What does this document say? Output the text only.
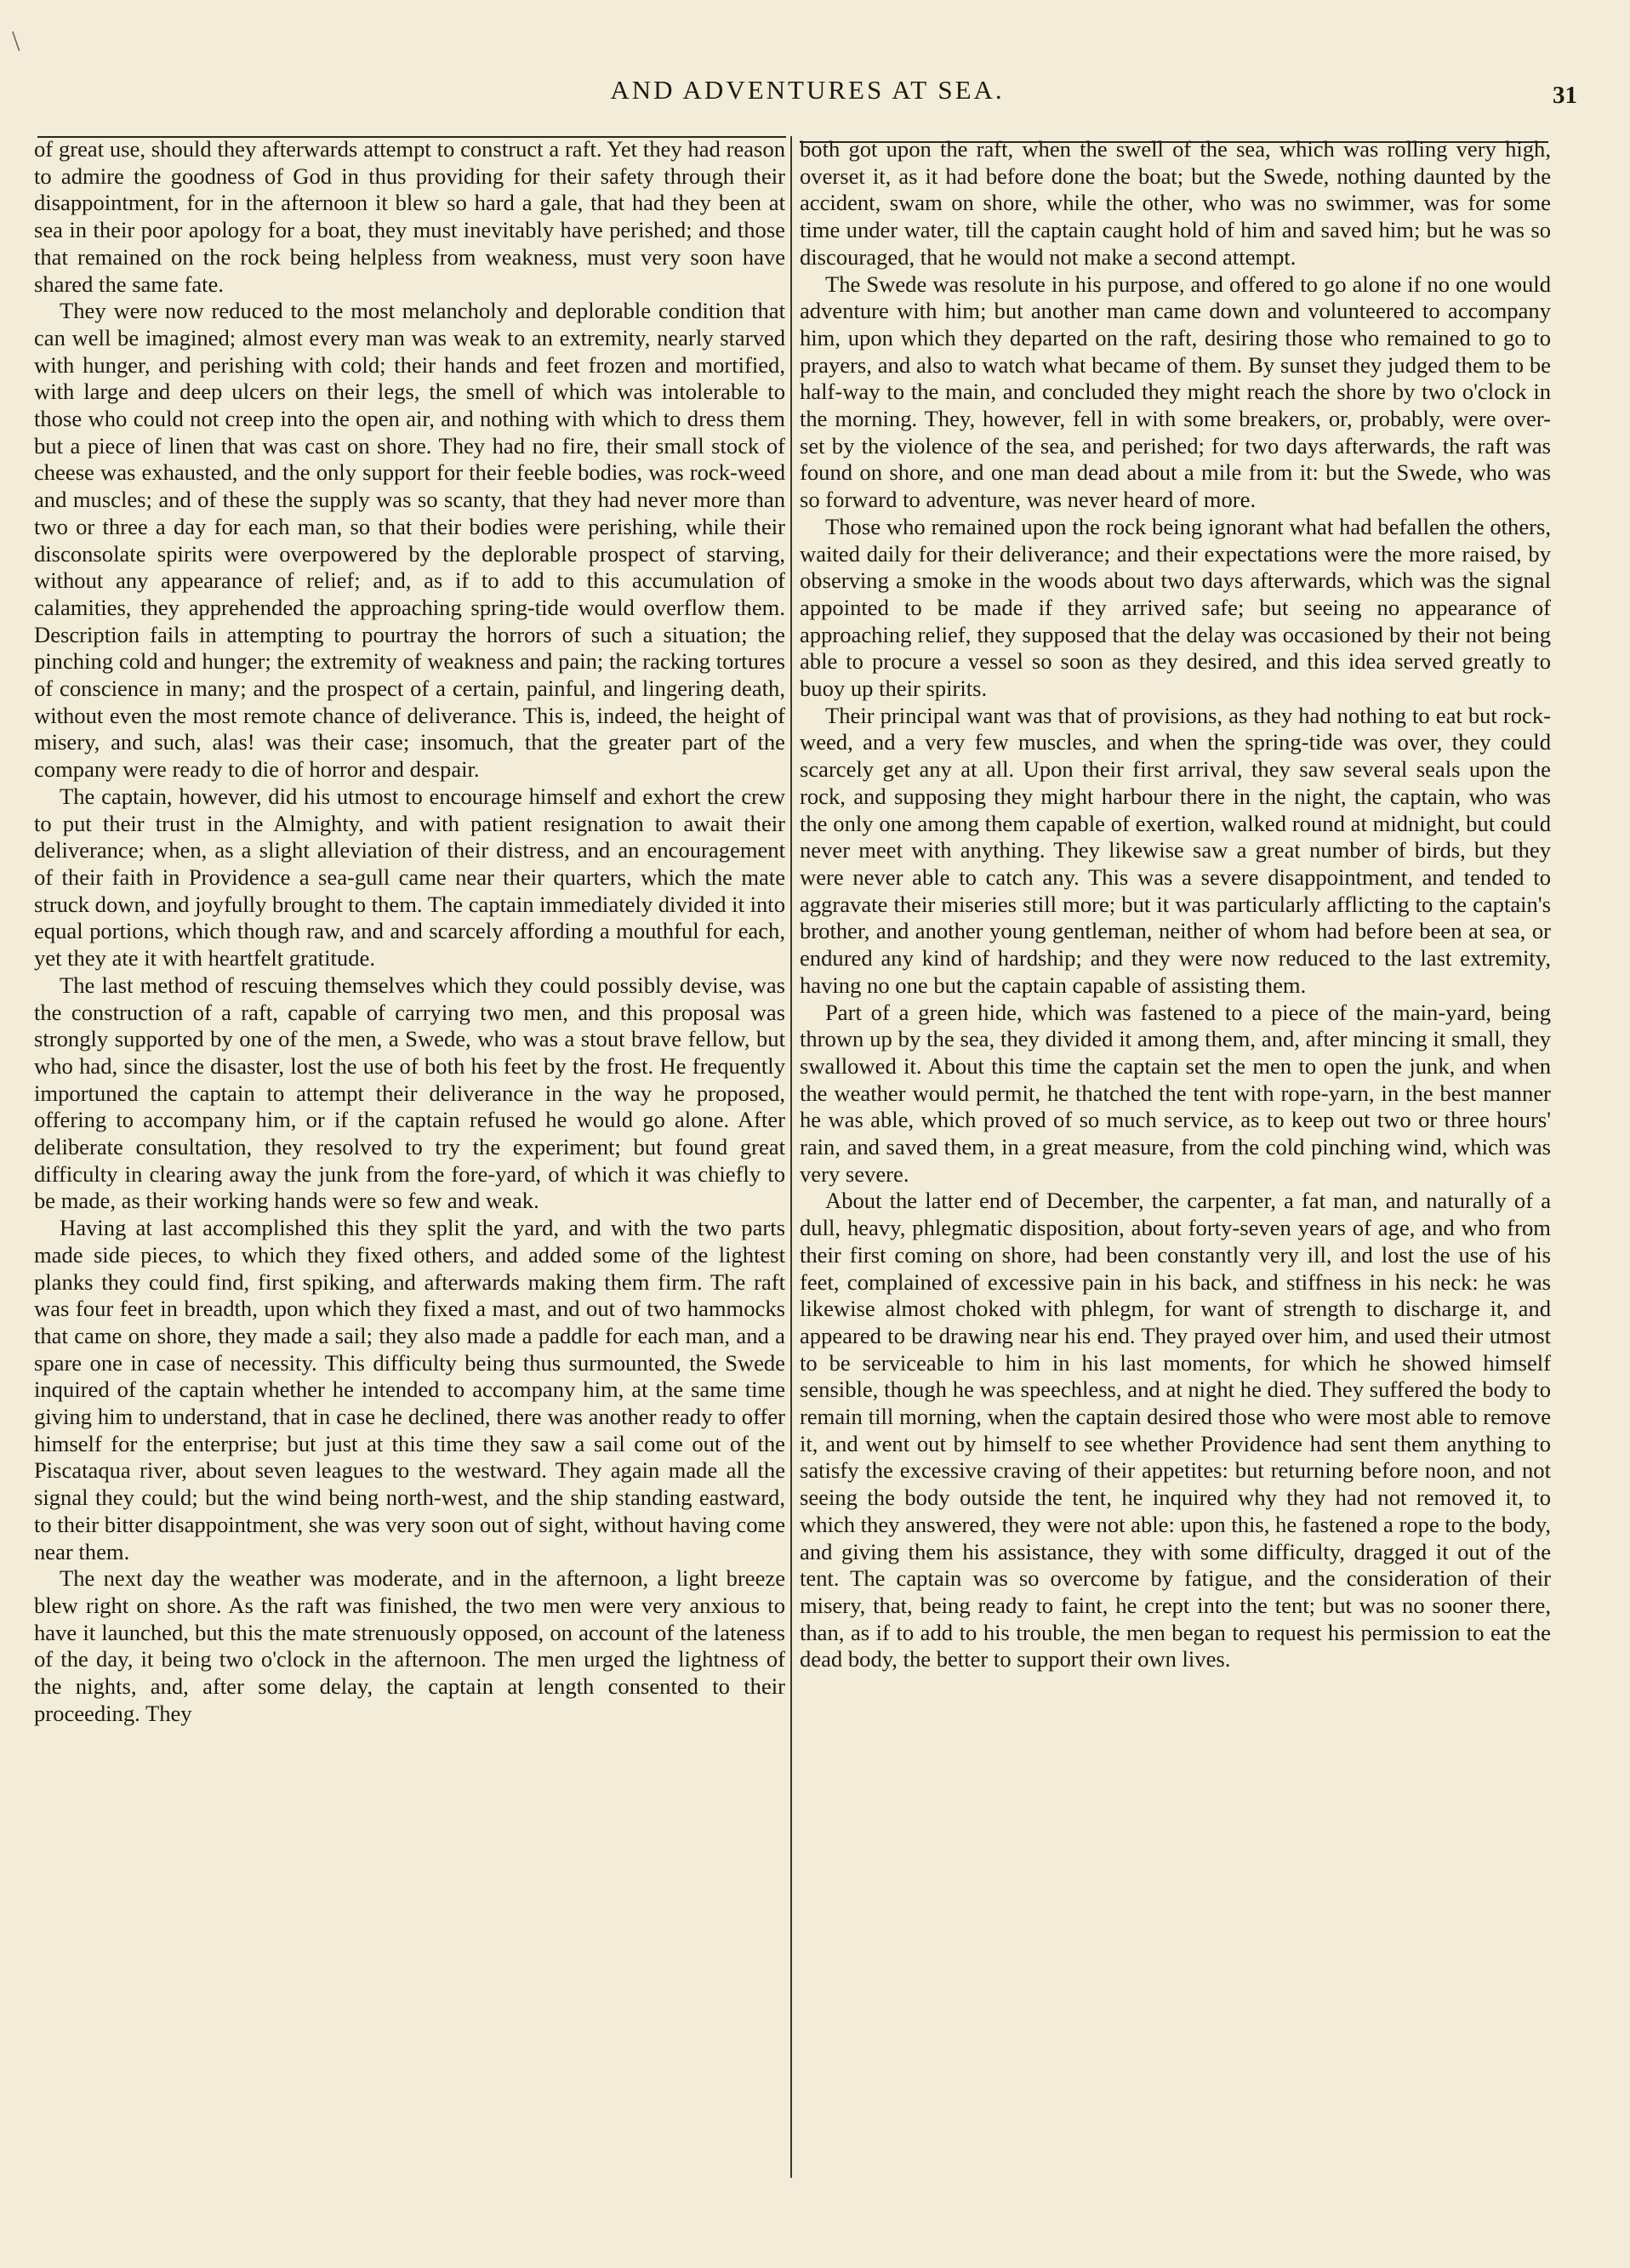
\
AND ADVENTURES AT SEA.	31

of great use, should they afterwards attempt to construct a raft. Yet they had reason to admire the goodness of God in thus providing for their safety through their disappointment, for in the afternoon it blew so hard a gale, that had they been at sea in their poor apology for a boat, they must inevitably have perished; and those that remained on the rock being helpless from weakness, must very soon have shared the same fate.

They were now reduced to the most melancholy and deplorable condition that can well be imagined; almost every man was weak to an extremity, nearly starved with hunger, and perishing with cold; their hands and feet frozen and mortified, with large and deep ulcers on their legs, the smell of which was intolerable to those who could not creep into the open air, and nothing with which to dress them but a piece of linen that was cast on shore. They had no fire, their small stock of cheese was exhausted, and the only support for their feeble bodies, was rock-weed and muscles; and of these the supply was so scanty, that they had never more than two or three a day for each man, so that their bodies were perishing, while their disconsolate spirits were overpowered by the deplorable prospect of starving, without any appearance of relief; and, as if to add to this accumulation of calamities, they apprehended the approaching spring-tide would overflow them. Description fails in attempting to pourtray the horrors of such a situation; the pinching cold and hunger; the extremity of weakness and pain; the racking tortures of conscience in many; and the prospect of a certain, painful, and lingering death, without even the most remote chance of deliverance. This is, indeed, the height of misery, and such, alas! was their case; insomuch, that the greater part of the company were ready to die of horror and despair.

The captain, however, did his utmost to encourage himself and exhort the crew to put their trust in the Almighty, and with patient resignation to await their deliverance; when, as a slight alleviation of their distress, and an encouragement of their faith in Providence a sea-gull came near their quarters, which the mate struck down, and joyfully brought to them. The captain immediately divided it into equal portions, which though raw, and and scarcely affording a mouthful for each, yet they ate it with heartfelt gratitude.

The last method of rescuing themselves which they could possibly devise, was the construction of a raft, capable of carrying two men, and this proposal was strongly supported by one of the men, a Swede, who was a stout brave fellow, but who had, since the disaster, lost the use of both his feet by the frost. He frequently importuned the captain to attempt their deliverance in the way he proposed, offering to accompany him, or if the captain refused he would go alone. After deliberate consultation, they resolved to try the experiment; but found great difficulty in clearing away the junk from the fore-yard, of which it was chiefly to be made, as their working hands were so few and weak.

Having at last accomplished this they split the yard, and with the two parts made side pieces, to which they fixed others, and added some of the lightest planks they could find, first spiking, and afterwards making them firm. The raft was four feet in breadth, upon which they fixed a mast, and out of two hammocks that came on shore, they made a sail; they also made a paddle for each man, and a spare one in case of necessity. This difficulty being thus surmounted, the Swede inquired of the captain whether he intended to accompany him, at the same time giving him to understand, that in case he declined, there was another ready to offer himself for the enterprise; but just at this time they saw a sail come out of the Piscataqua river, about seven leagues to the westward. They again made all the signal they could; but the wind being north-west, and the ship standing eastward, to their bitter disappointment, she was very soon out of sight, without having come near them.

The next day the weather was moderate, and in the afternoon, a light breeze blew right on shore. As the raft was finished, the two men were very anxious to have it launched, but this the mate strenuously opposed, on account of the lateness of the day, it being two o'clock in the afternoon. The men urged the lightness of the nights, and, after some delay, the captain at length consented to their proceeding. They

both got upon the raft, when the swell of the sea, which was rolling very high, overset it, as it had before done the boat; but the Swede, nothing daunted by the accident, swam on shore, while the other, who was no swimmer, was for some time under water, till the captain caught hold of him and saved him; but he was so discouraged, that he would not make a second attempt.

The Swede was resolute in his purpose, and offered to go alone if no one would adventure with him; but another man came down and volunteered to accompany him, upon which they departed on the raft, desiring those who remained to go to prayers, and also to watch what became of them. By sunset they judged them to be half-way to the main, and concluded they might reach the shore by two o'clock in the morning. They, however, fell in with some breakers, or, probably, were over-set by the violence of the sea, and perished; for two days afterwards, the raft was found on shore, and one man dead about a mile from it: but the Swede, who was so forward to adventure, was never heard of more.

Those who remained upon the rock being ignorant what had befallen the others, waited daily for their deliverance; and their expectations were the more raised, by observing a smoke in the woods about two days afterwards, which was the signal appointed to be made if they arrived safe; but seeing no appearance of approaching relief, they supposed that the delay was occasioned by their not being able to procure a vessel so soon as they desired, and this idea served greatly to buoy up their spirits.

Their principal want was that of provisions, as they had nothing to eat but rock-weed, and a very few muscles, and when the spring-tide was over, they could scarcely get any at all. Upon their first arrival, they saw several seals upon the rock, and supposing they might harbour there in the night, the captain, who was the only one among them capable of exertion, walked round at midnight, but could never meet with anything. They likewise saw a great number of birds, but they were never able to catch any. This was a severe disappointment, and tended to aggravate their miseries still more; but it was particularly afflicting to the captain's brother, and another young gentleman, neither of whom had before been at sea, or endured any kind of hardship; and they were now reduced to the last extremity, having no one but the captain capable of assisting them.

Part of a green hide, which was fastened to a piece of the main-yard, being thrown up by the sea, they divided it among them, and, after mincing it small, they swallowed it. About this time the captain set the men to open the junk, and when the weather would permit, he thatched the tent with rope-yarn, in the best manner he was able, which proved of so much service, as to keep out two or three hours' rain, and saved them, in a great measure, from the cold pinching wind, which was very severe.

About the latter end of December, the carpenter, a fat man, and naturally of a dull, heavy, phlegmatic disposition, about forty-seven years of age, and who from their first coming on shore, had been constantly very ill, and lost the use of his feet, complained of excessive pain in his back, and stiffness in his neck: he was likewise almost choked with phlegm, for want of strength to discharge it, and appeared to be drawing near his end. They prayed over him, and used their utmost to be serviceable to him in his last moments, for which he showed himself sensible, though he was speechless, and at night he died. They suffered the body to remain till morning, when the captain desired those who were most able to remove it, and went out by himself to see whether Providence had sent them anything to satisfy the excessive craving of their appetites: but returning before noon, and not seeing the body outside the tent, he inquired why they had not removed it, to which they answered, they were not able: upon this, he fastened a rope to the body, and giving them his assistance, they with some difficulty, dragged it out of the tent. The captain was so overcome by fatigue, and the consideration of their misery, that, being ready to faint, he crept into the tent; but was no sooner there, than, as if to add to his trouble, the men began to request his permission to eat the dead body, the better to support their own lives.
